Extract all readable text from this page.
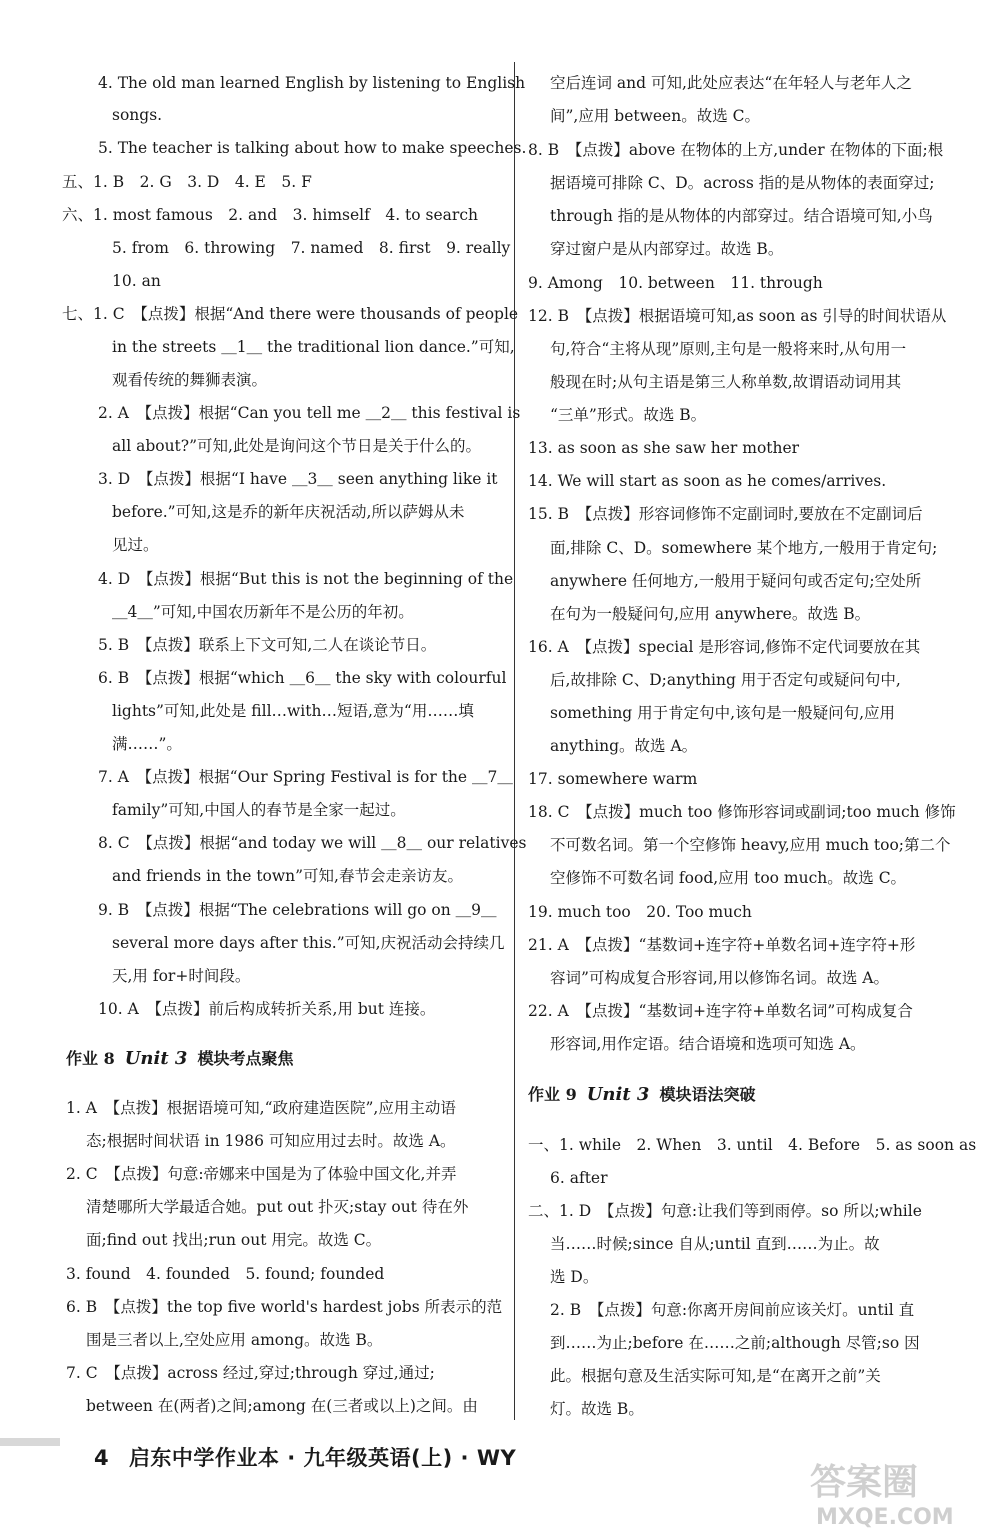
4. The old man learned English by listening to English
songs.
5. The teacher is talking about how to make speeches.
五、1. B　2. G　3. D　4. E　5. F
六、1. most famous　2. and　3. himself　4. to search
5. from　6. throwing　7. named　8. first　9. really
10. an
七、1. C　【点拨】根据“And there were thousands of people
in the streets ＿1＿ the traditional lion dance.”可知,
观看传统的舞狮表演。
2. A　【点拨】根据“Can you tell me ＿2＿ this festival is
all about?”可知,此处是询问这个节日是关于什么的。
3. D　【点拨】根据“I have ＿3＿ seen anything like it
before.”可知,这是乔的新年庆祝活动,所以萨姆从未
见过。
4. D　【点拨】根据“But this is not the beginning of the
＿4＿”可知,中国农历新年不是公历的年初。
5. B　【点拨】联系上下文可知,二人在谈论节日。
6. B　【点拨】根据“which ＿6＿ the sky with colourful
lights”可知,此处是 fill…with…短语,意为“用……填
满……”。
7. A　【点拨】根据“Our Spring Festival is for the ＿7＿
family”可知,中国人的春节是全家一起过。
8. C　【点拨】根据“and today we will ＿8＿ our relatives
and friends in the town”可知,春节会走亲访友。
9. B　【点拨】根据“The celebrations will go on ＿9＿
several more days after this.”可知,庆祝活动会持续几
天,用 for+时间段。
10. A　【点拨】前后构成转折关系,用 but 连接。
作业 8 Unit 3 模块考点聚焦
1. A　【点拨】根据语境可知,“政府建造医院”,应用主动语
态;根据时间状语 in 1986 可知应用过去时。故选 A。
2. C　【点拨】句意:帝娜来中国是为了体验中国文化,并弄
清楚哪所大学最适合她。put out 扑灭;stay out 待在外
面;find out 找出;run out 用完。故选 C。
3. found　4. founded　5. found; founded
6. B　【点拨】the top five world's hardest jobs 所表示的范
围是三者以上,空处应用 among。故选 B。
7. C　【点拨】across 经过,穿过;through 穿过,通过;
between 在(两者)之间;among 在(三者或以上)之间。由
空后连词 and 可知,此处应表达“在年轻人与老年人之
间”,应用 between。故选 C。
8. B　【点拨】above 在物体的上方,under 在物体的下面;根
据语境可排除 C、D。across 指的是从物体的表面穿过;
through 指的是从物体的内部穿过。结合语境可知,小鸟
穿过窗户是从内部穿过。故选 B。
9. Among　10. between　11. through
12. B　【点拨】根据语境可知,as soon as 引导的时间状语从
句,符合“主将从现”原则,主句是一般将来时,从句用一
般现在时;从句主语是第三人称单数,故谓语动词用其
“三单”形式。故选 B。
13. as soon as she saw her mother
14. We will start as soon as he comes/arrives.
15. B　【点拨】形容词修饰不定副词时,要放在不定副词后
面,排除 C、D。somewhere 某个地方,一般用于肯定句;
anywhere 任何地方,一般用于疑问句或否定句;空处所
在句为一般疑问句,应用 anywhere。故选 B。
16. A　【点拨】special 是形容词,修饰不定代词要放在其
后,故排除 C、D;anything 用于否定句或疑问句中,
something 用于肯定句中,该句是一般疑问句,应用
anything。故选 A。
17. somewhere warm
18. C　【点拨】much too 修饰形容词或副词;too much 修饰
不可数名词。第一个空修饰 heavy,应用 much too;第二个
空修饰不可数名词 food,应用 too much。故选 C。
19. much too　20. Too much
21. A　【点拨】“基数词+连字符+单数名词+连字符+形
容词”可构成复合形容词,用以修饰名词。故选 A。
22. A　【点拨】“基数词+连字符+单数名词”可构成复合
形容词,用作定语。结合语境和选项可知选 A。
作业 9 Unit 3 模块语法突破
一、1. while　2. When　3. until　4. Before　5. as soon as
6. after
二、1. D　【点拨】句意:让我们等到雨停。so 所以;while
当……时候;since 自从;until 直到……为止。故
选 D。
2. B　【点拨】句意:你离开房间前应该关灯。until 直
到……为止;before 在……之前;although 尽管;so 因
此。根据句意及生活实际可知,是“在离开之前”关
灯。故选 B。
4 启东中学作业本 · 九年级英语(上) · WY
答案圈
MXQE.COM
